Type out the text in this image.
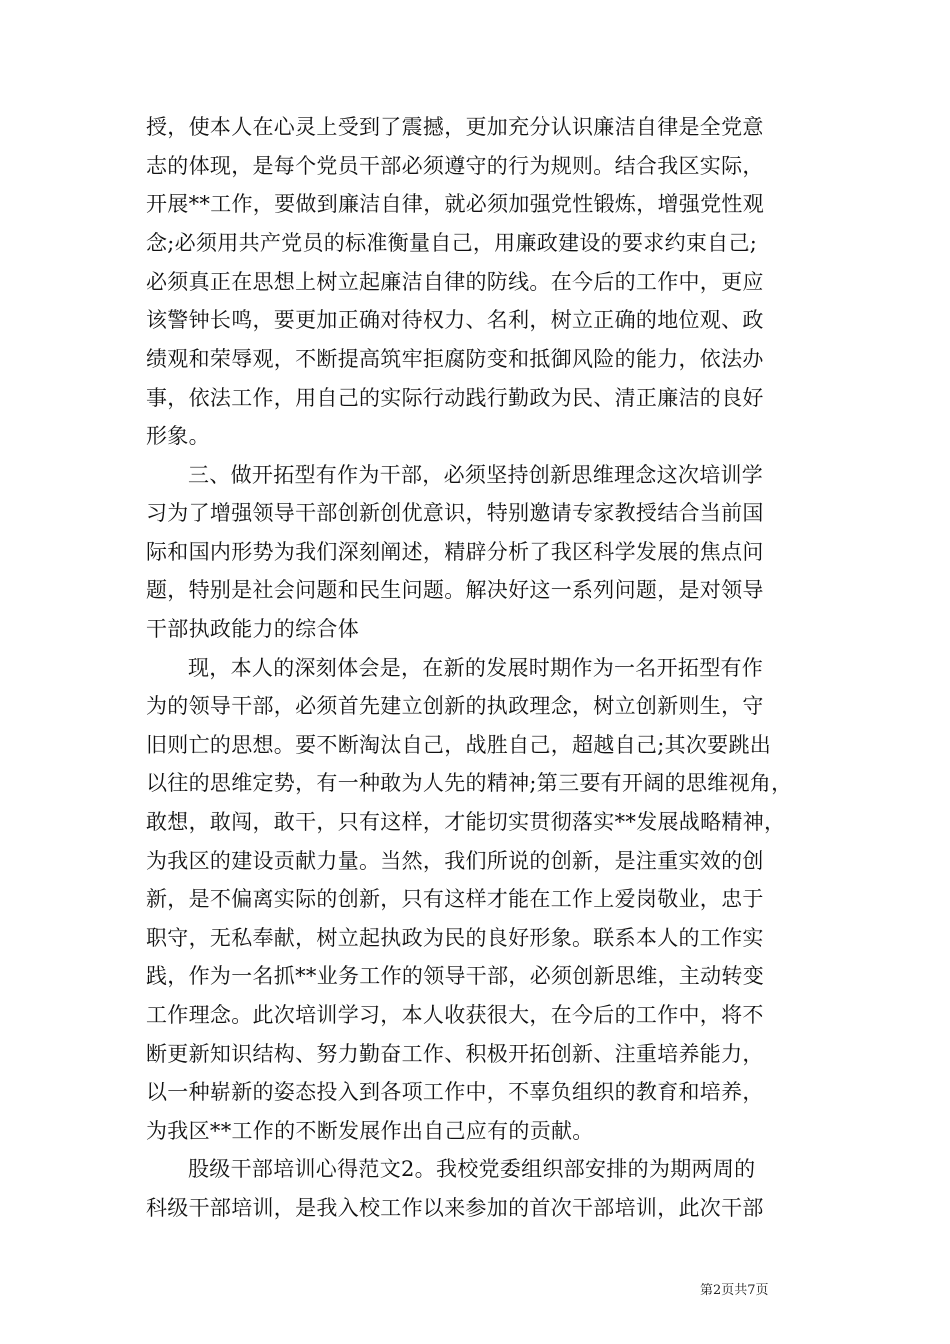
授，使本人在心灵上受到了震撼，更加充分认识廉洁自律是全党意
志的体现，是每个党员干部必须遵守的行为规则。结合我区实际，
开展**工作，要做到廉洁自律，就必须加强党性锻炼，增强党性观
念;必须用共产党员的标准衡量自己，用廉政建设的要求约束自己;
必须真正在思想上树立起廉洁自律的防线。在今后的工作中，更应
该警钟长鸣，要更加正确对待权力、名利，树立正确的地位观、政
绩观和荣辱观，不断提高筑牢拒腐防变和抵御风险的能力，依法办
事，依法工作，用自己的实际行动践行勤政为民、清正廉洁的良好
形象。
三、做开拓型有作为干部，必须坚持创新思维理念这次培训学
习为了增强领导干部创新创优意识，特别邀请专家教授结合当前国
际和国内形势为我们深刻阐述，精辟分析了我区科学发展的焦点问
题，特别是社会问题和民生问题。解决好这一系列问题，是对领导
干部执政能力的综合体
现，本人的深刻体会是，在新的发展时期作为一名开拓型有作
为的领导干部，必须首先建立创新的执政理念，树立创新则生，守
旧则亡的思想。要不断淘汰自己，战胜自己，超越自己;其次要跳出
以往的思维定势，有一种敢为人先的精神;第三要有开阔的思维视角，
敢想，敢闯，敢干，只有这样，才能切实贯彻落实**发展战略精神，
为我区的建设贡献力量。当然，我们所说的创新，是注重实效的创
新，是不偏离实际的创新，只有这样才能在工作上爱岗敬业，忠于
职守，无私奉献，树立起执政为民的良好形象。联系本人的工作实
践，作为一名抓**业务工作的领导干部，必须创新思维，主动转变
工作理念。此次培训学习，本人收获很大，在今后的工作中，将不
断更新知识结构、努力勤奋工作、积极开拓创新、注重培养能力，
以一种崭新的姿态投入到各项工作中，不辜负组织的教育和培养，
为我区**工作的不断发展作出自己应有的贡献。
股级干部培训心得范文2。我校党委组织部安排的为期两周的
科级干部培训，是我入校工作以来参加的首次干部培训，此次干部
第2页共7页
